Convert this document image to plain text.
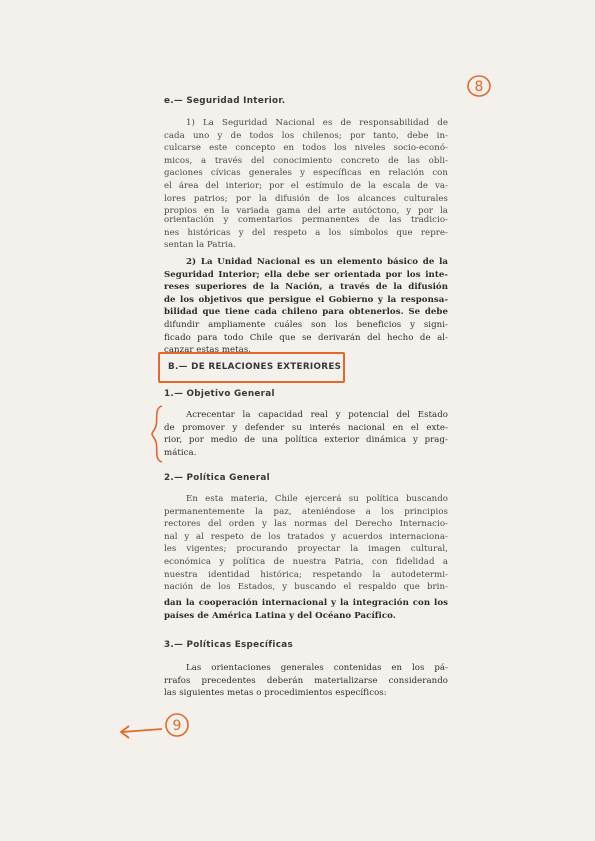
8
e.— Seguridad Interior.
1) La Seguridad Nacional es de responsabilidad de
cada uno y de todos los chilenos; por tanto, debe in-
culcarse este concepto en todos los niveles socio-econó-
micos, a través del conocimiento concreto de las obli-
gaciones cívicas generales y específicas en relación con
el área del interior; por el estímulo de la escala de va-
lores patrios; por la difusión de los alcances culturales
propios en la variada gama del arte autóctono, y por la
orientación y comentarios permanentes de las tradicio-
nes históricas y del respeto a los símbolos que repre-
sentan la Patria.
2) La Unidad Nacional es un elemento básico de la
Seguridad Interior; ella debe ser orientada por los inte-
reses superiores de la Nación, a través de la difusión
de los objetivos que persigue el Gobierno y la responsa-
bilidad que tiene cada chileno para obtenerlos. Se debe
difundir ampliamente cuáles son los beneficios y signi-
ficado para todo Chile que se derivarán del hecho de al-
canzar estas metas.
B.— DE RELACIONES EXTERIORES
1.— Objetivo General
Acrecentar la capacidad real y potencial del Estado
de promover y defender su interés nacional en el exte-
rior, por medio de una política exterior dinámica y prag-
mática.
2.— Política General
En esta materia, Chile ejercerá su política buscando
permanentemente la paz, ateniéndose a los principios
rectores del orden y las normas del Derecho Internacio-
nal y al respeto de los tratados y acuerdos internaciona-
les vigentes; procurando proyectar la imagen cultural,
económica y política de nuestra Patria, con fidelidad a
nuestra identidad histórica; respetando la autodetermi-
nación de los Estados, y buscando el respaldo que brin-
dan la cooperación internacional y la integración con los
países de América Latina y del Océano Pacífico.
3.— Políticas Específicas
Las orientaciones generales contenidas en los pá-
rrafos precedentes deberán materializarse considerando
las siguientes metas o procedimientos específicos:
9
